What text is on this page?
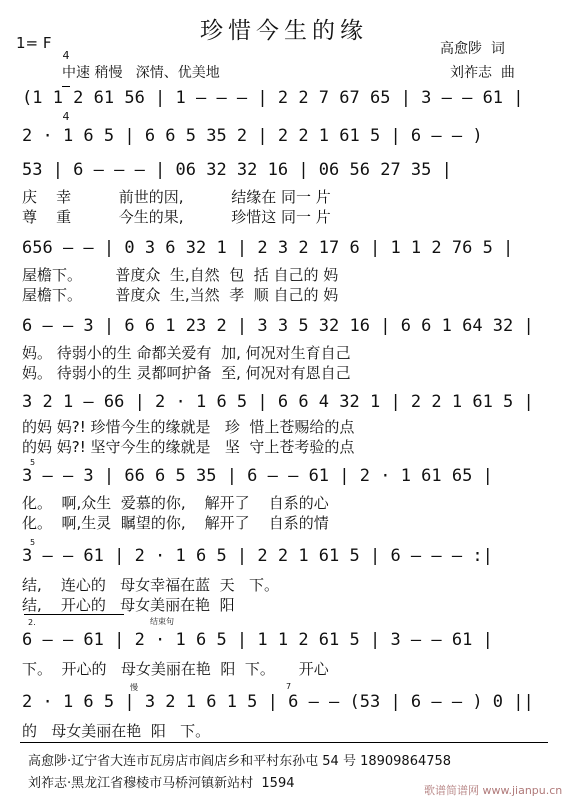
珍惜今生的缘
1= F

4

4

中速 稍慢   深情、优美地
高愈陟  词
刘祚志  曲
(1 1 2 61 56 | 1 — — — | 2 2 7 67 65 | 3 — — 61 |
2 · 1 6 5 | 6 6 5 35 2 | 2 2 1 61 5 | 6 — — )
53 | 6 — — — | 06 32 32 16 | 06 56 27 35 |
庆    幸          前世的因,          结缘在 同一 片
尊    重          今生的果,          珍惜这 同一 片
656 — — | 0 3 6 32 1 | 2 3 2 17 6 | 1 1 2 76 5 |
屋檐下。       普度众  生,自然  包  括 自己的 妈
屋檐下。       普度众  生,当然  孝  顺 自己的 妈
6 — — 3 | 6 6 1 23 2 | 3 3 5 32 16 | 6 6 1 64 32 |
妈。 待弱小的生 命都关爱有  加, 何况对生育自己
妈。 待弱小的生 灵都呵护备  至, 何况对有恩自己
3 2 1 — 66 | 2 · 1 6 5 | 6 6 4 32 1 | 2 2 1 61 5 |
的妈 妈?! 珍惜今生的缘就是   珍  惜上苍赐给的点
的妈 妈?! 坚守今生的缘就是   坚  守上苍考验的点
5
3 — — 3 | 66 6 5 35 | 6 — — 61 | 2 · 1 61 65 |
化。  啊,众生  爱慕的你,    解开了    自系的心
化。  啊,生灵  瞩望的你,    解开了    自系的情
5
3 — — 61 | 2 · 1 6 5 | 2 2 1 61 5 | 6 — — — :|
结,    连心的   母女幸福在蓝  天   下。
结,    开心的   母女美丽在艳  阳
2.	结束句
6 — — 61 | 2 · 1 6 5 | 1 1 2 61 5 | 3 — — 61 |
下。  开心的   母女美丽在艳  阳  下。     开心
慢	7
2 · 1 6 5 | 3 2 1 6 1 5 | 6 — — (53 | 6 — — ) 0 ||
的   母女美丽在艳  阳   下。
高愈陟·辽宁省大连市瓦房店市阎店乡和平村东孙屯 54 号 18909864758
刘祚志·黑龙江省穆棱市马桥河镇新站村  1594	歌谱简谱网 www.jianpu.cn
